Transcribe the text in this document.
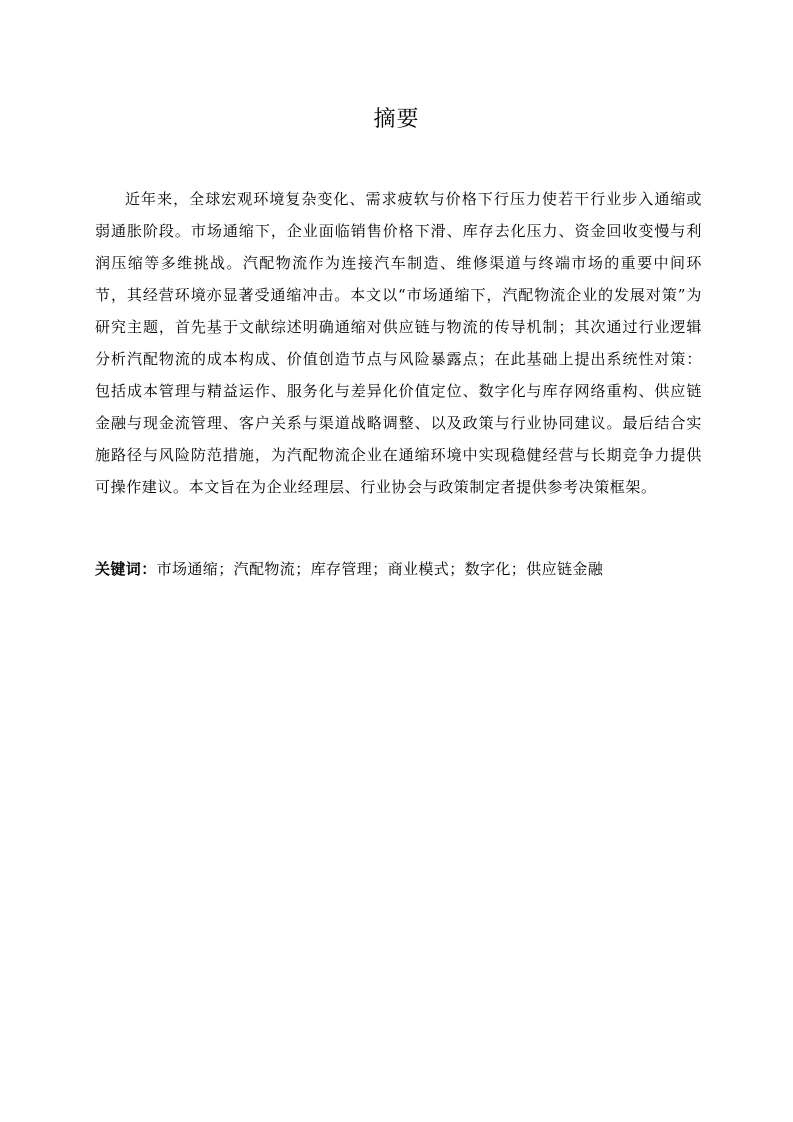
摘要

近年来，全球宏观环境复杂变化、需求疲软与价格下行压力使若干行业步入通缩或弱通胀阶段。市场通缩下，企业面临销售价格下滑、库存去化压力、资金回收变慢与利润压缩等多维挑战。汽配物流作为连接汽车制造、维修渠道与终端市场的重要中间环节，其经营环境亦显著受通缩冲击。本文以“市场通缩下，汽配物流企业的发展对策”为研究主题，首先基于文献综述明确通缩对供应链与物流的传导机制；其次通过行业逻辑分析汽配物流的成本构成、价值创造节点与风险暴露点；在此基础上提出系统性对策：包括成本管理与精益运作、服务化与差异化价值定位、数字化与库存网络重构、供应链金融与现金流管理、客户关系与渠道战略调整、以及政策与行业协同建议。最后结合实施路径与风险防范措施，为汽配物流企业在通缩环境中实现稳健经营与长期竞争力提供可操作建议。本文旨在为企业经理层、行业协会与政策制定者提供参考决策框架。

关键词：市场通缩；汽配物流；库存管理；商业模式；数字化；供应链金融
